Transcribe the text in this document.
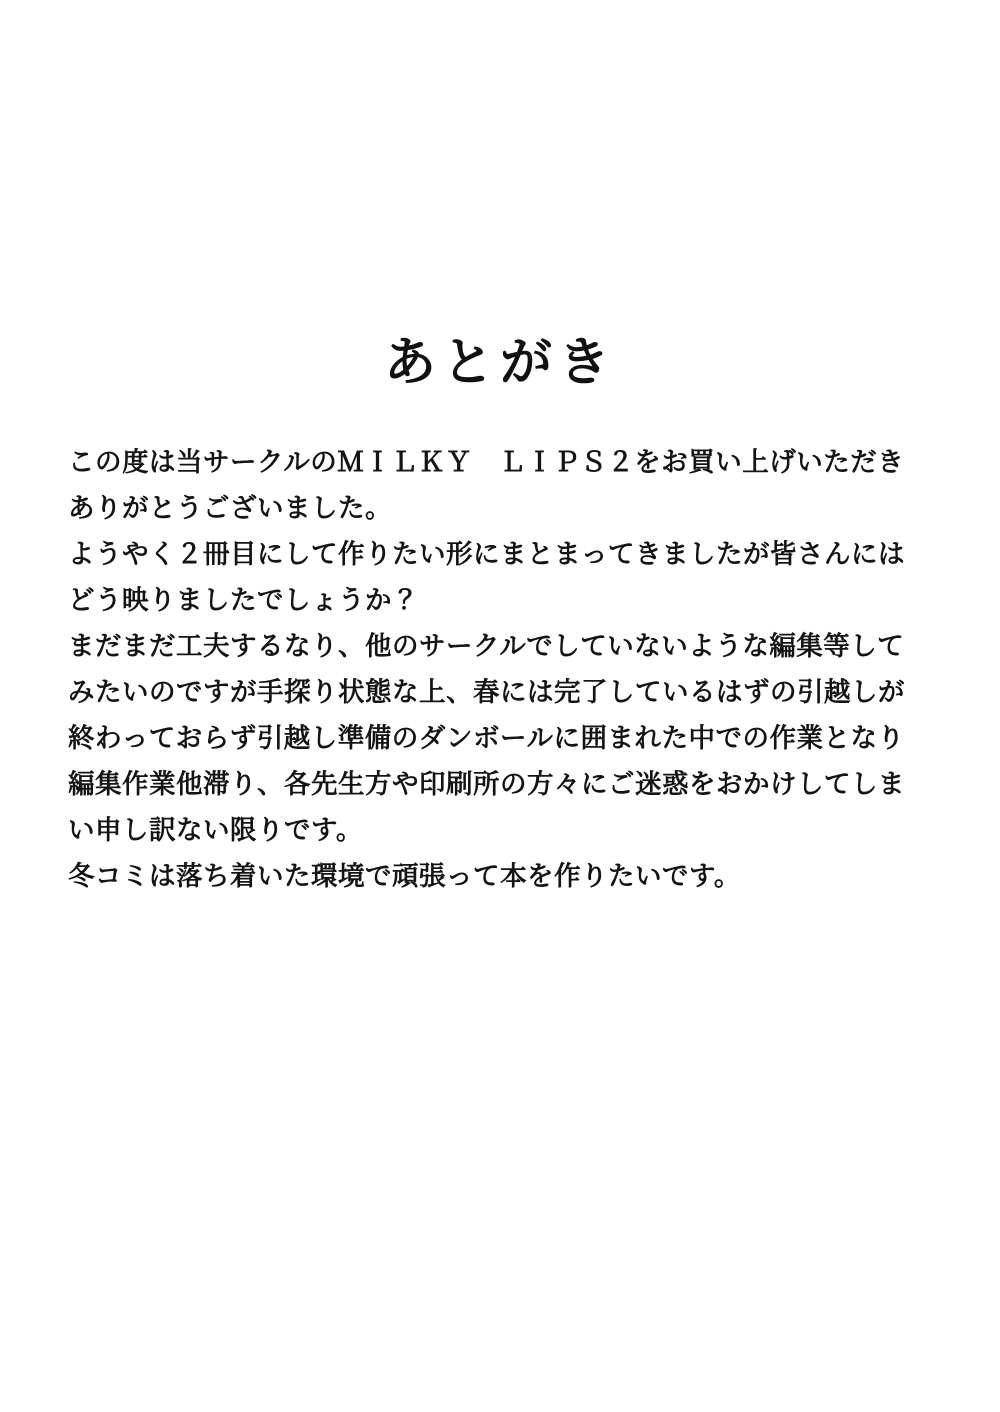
あとがき
この度は当サークルのＭＩＬＫＹ　ＬＩＰＳ２をお買い上げいただき
ありがとうございました。
ようやく２冊目にして作りたい形にまとまってきましたが皆さんには
どう映りましたでしょうか？
まだまだ工夫するなり、他のサークルでしていないような編集等して
みたいのですが手探り状態な上、春には完了しているはずの引越しが
終わっておらず引越し準備のダンボールに囲まれた中での作業となり
編集作業他滞り、各先生方や印刷所の方々にご迷惑をおかけしてしま
い申し訳ない限りです。
冬コミは落ち着いた環境で頑張って本を作りたいです。
